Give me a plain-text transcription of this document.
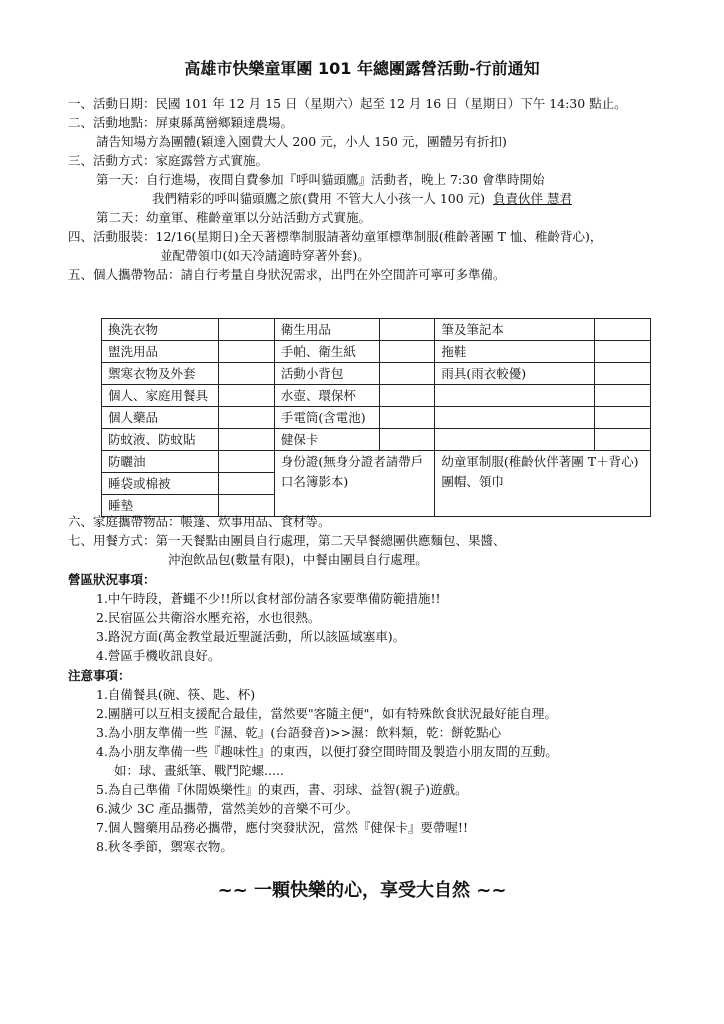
高雄市快樂童軍團 101 年總團露營活動-行前通知
一、活動日期：民國 101 年 12 月 15 日（星期六）起至 12 月 16 日（星期日）下午 14:30 點止。
二、活動地點：屏東縣萬巒鄉穎達農場。
請告知場方為團體(穎達入園費大人 200 元，小人 150 元，團體另有折扣)
三、活動方式：家庭露營方式實施。
第一天：自行進場，夜間自費參加『呼叫貓頭鷹』活動者，晚上 7:30 會準時開始
我們精彩的呼叫貓頭鷹之旅(費用 不管大人小孩一人 100 元) 負責伙伴 慧君
第二天：幼童軍、稚齡童軍以分站活動方式實施。
四、活動服裝：12/16(星期日)全天著標準制服請著幼童軍標準制服(稚齡著團 T 恤、稚齡背心)，
並配帶領巾(如天冷請適時穿著外套)。
五、個人攜帶物品：請自行考量自身狀況需求，出門在外空間許可寧可多準備。
換洗衣物		衛生用品		筆及筆記本	
盥洗用品		手帕、衛生紙		拖鞋	
禦寒衣物及外套		活動小背包		雨具(雨衣較優)	
個人、家庭用餐具		水壺、環保杯			
個人藥品		手電筒(含電池)			
防蚊液、防蚊貼		健保卡			
防曬油		身份證(無身分證者請帶戶口名簿影本)		幼童軍制服(稚齡伙伴著團 T＋背心)團帽、領巾	
睡袋或棉被					
睡墊					
六、家庭攜帶物品：帳篷、炊事用品、食材等。
七、用餐方式：第一天餐點由團員自行處理，第二天早餐總團供應麵包、果醬、
沖泡飲品包(數量有限)，中餐由團員自行處理。
營區狀況事項：
1.中午時段，蒼蠅不少!!所以食材部份請各家要準備防範措施!!
2.民宿區公共衛浴水壓充裕，水也很熱。
3.路況方面(萬金教堂最近聖誕活動，所以該區域塞車)。
4.營區手機收訊良好。
注意事項：
1.自備餐具(碗、筷、匙、杯)
2.團膳可以互相支援配合最佳，當然要"客隨主便"，如有特殊飲食狀況最好能自理。
3.為小朋友準備一些『濕、乾』(台語發音)>>濕：飲料類，乾：餅乾點心
4.為小朋友準備一些『趣味性』的東西，以便打發空間時間及製造小朋友間的互動。
如：球、畫紙筆、戰鬥陀螺.....
5.為自己準備『休閒娛樂性』的東西，書、羽球、益智(親子)遊戲。
6.減少 3C 產品攜帶，當然美妙的音樂不可少。
7.個人醫藥用品務必攜帶，應付突發狀況，當然『健保卡』要帶喔!!
8.秋冬季節，禦寒衣物。
~~ 一顆快樂的心，享受大自然 ~~
